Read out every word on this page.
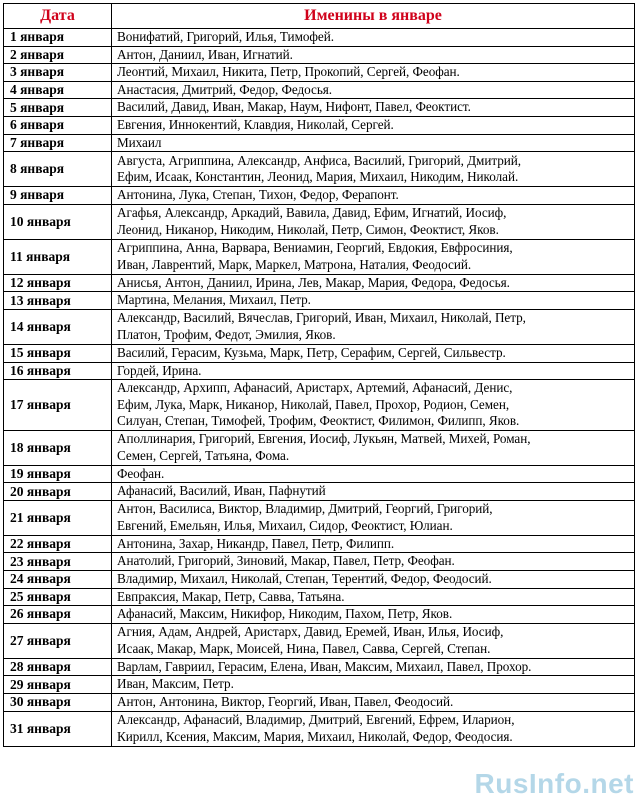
Дата	Именины в январе
1 января	Вонифатий, Григорий, Илья, Тимофей.

2 января	Антон, Даниил, Иван, Игнатий.

3 января	Леонтий, Михаил, Никита, Петр, Прокопий, Сергей, Феофан.

4 января	Анастасия, Дмитрий, Федор, Федосья.

5 января	Василий, Давид, Иван, Макар, Наум, Нифонт, Павел, Феоктист.

6 января	Евгения, Иннокентий, Клавдия, Николай, Сергей.

7 января	Михаил

8 января	Августа, Агриппина, Александр, Анфиса, Василий, Григорий, Дмитрий,
Ефим, Исаак, Константин, Леонид, Мария, Михаил, Никодим, Николай.

9 января	Антонина, Лука, Степан, Тихон, Федор, Ферапонт.

10 января	Агафья, Александр, Аркадий, Вавила, Давид, Ефим, Игнатий, Иосиф,
Леонид, Никанор, Никодим, Николай, Петр, Симон, Феоктист, Яков.

11 января	Агриппина, Анна, Варвара, Вениамин, Георгий, Евдокия, Евфросиния,
Иван, Лаврентий, Марк, Маркел, Матрона, Наталия, Феодосий.

12 января	Анисья, Антон, Даниил, Ирина, Лев, Макар, Мария, Федора, Федосья.

13 января	Мартина, Мелания, Михаил, Петр.

14 января	Александр, Василий, Вячеслав, Григорий, Иван, Михаил, Николай, Петр,
Платон, Трофим, Федот, Эмилия, Яков.

15 января	Василий, Герасим, Кузьма, Марк, Петр, Серафим, Сергей, Сильвестр.

16 января	Гордей, Ирина.

17 января	Александр, Архипп, Афанасий, Аристарх, Артемий, Афанасий, Денис,
Ефим, Лука, Марк, Никанор, Николай, Павел, Прохор, Родион, Семен,
Силуан, Степан, Тимофей, Трофим, Феоктист, Филимон, Филипп, Яков.

18 января	Аполлинария, Григорий, Евгения, Иосиф, Лукьян, Матвей, Михей, Роман,
Семен, Сергей, Татьяна, Фома.

19 января	Феофан.

20 января	Афанасий, Василий, Иван, Пафнутий

21 января	Антон, Василиса, Виктор, Владимир, Дмитрий, Георгий, Григорий,
Евгений, Емельян, Илья, Михаил, Сидор, Феоктист, Юлиан.

22 января	Антонина, Захар, Никандр, Павел, Петр, Филипп.

23 января	Анатолий, Григорий, Зиновий, Макар, Павел, Петр, Феофан.

24 января	Владимир, Михаил, Николай, Степан, Терентий, Федор, Феодосий.

25 января	Евпраксия, Макар, Петр, Савва, Татьяна.

26 января	Афанасий, Максим, Никифор, Никодим, Пахом, Петр, Яков.

27 января	Агния, Адам, Андрей, Аристарх, Давид, Еремей, Иван, Илья, Иосиф,
Исаак, Макар, Марк, Моисей, Нина, Павел, Савва, Сергей, Степан.

28 января	Варлам, Гавриил, Герасим, Елена, Иван, Максим, Михаил, Павел, Прохор.

29 января	Иван, Максим, Петр.

30 января	Антон, Антонина, Виктор, Георгий, Иван, Павел, Феодосий.

31 января	Александр, Афанасий, Владимир, Дмитрий, Евгений, Ефрем, Иларион,
Кирилл, Ксения, Максим, Мария, Михаил, Николай, Федор, Феодосия.
RusInfo.net
